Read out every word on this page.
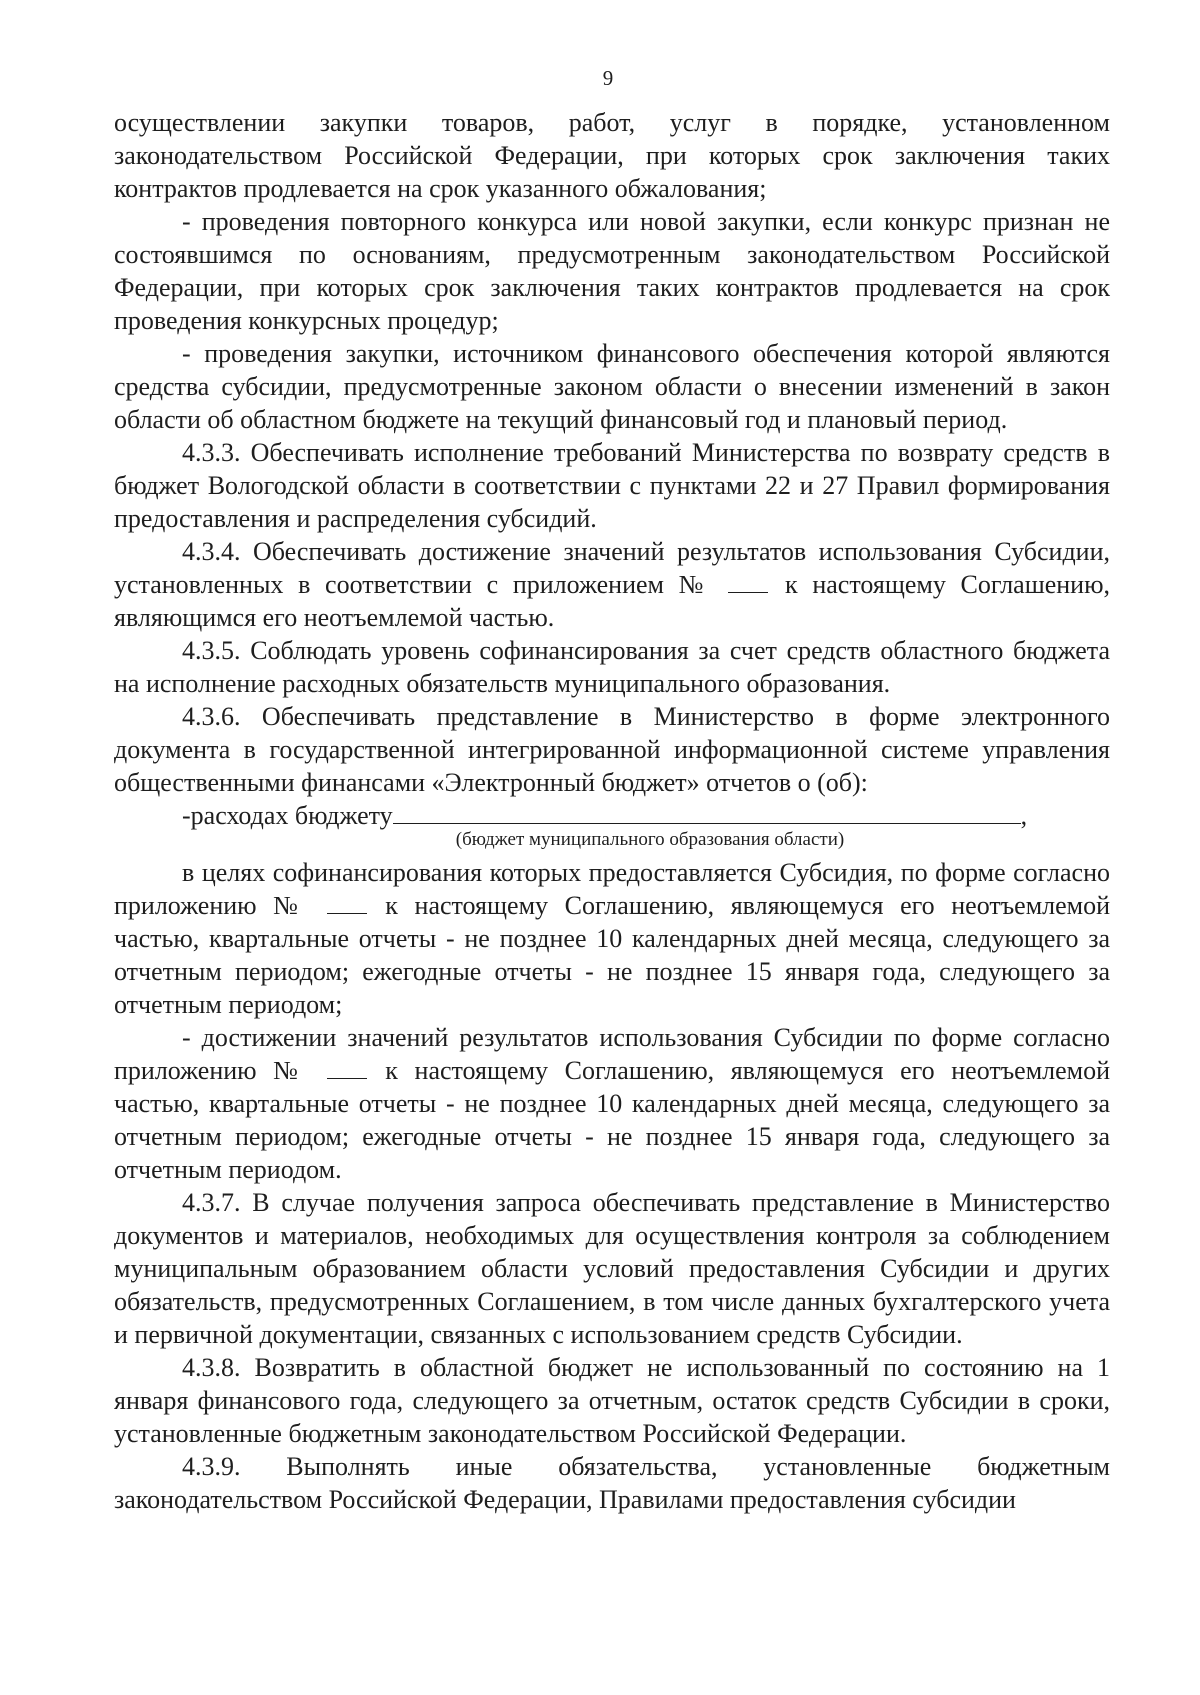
9

осуществлении закупки товаров, работ, услуг в порядке, установленном законодательством Российской Федерации, при которых срок заключения таких контрактов продлевается на срок указанного обжалования;

- проведения повторного конкурса или новой закупки, если конкурс признан не состоявшимся по основаниям, предусмотренным законодательством Российской Федерации, при которых срок заключения таких контрактов продлевается на срок проведения конкурсных процедур;

- проведения закупки, источником финансового обеспечения которой являются средства субсидии, предусмотренные законом области о внесении изменений в закон области об областном бюджете на текущий финансовый год и плановый период.

4.3.3. Обеспечивать исполнение требований Министерства по возврату средств в бюджет Вологодской области в соответствии с пунктами 22 и 27 Правил формирования предоставления и распределения субсидий.

4.3.4. Обеспечивать достижение значений результатов использования Субсидии, установленных в соответствии с приложением №	к настоящему Соглашению, являющимся его неотъемлемой частью.

4.3.5. Соблюдать уровень софинансирования за счет средств областного бюджета на исполнение расходных обязательств муниципального образования.

4.3.6. Обеспечивать представление в Министерство в форме электронного документа в государственной интегрированной информационной системе управления общественными финансами «Электронный бюджет» отчетов о (об):

-расходах бюджету	,
(бюджет муниципального образования области)

в целях софинансирования которых предоставляется Субсидия, по форме согласно приложению №	к настоящему Соглашению, являющемуся его неотъемлемой частью, квартальные отчеты - не позднее 10 календарных дней месяца, следующего за отчетным периодом; ежегодные отчеты - не позднее 15 января года, следующего за отчетным периодом;

- достижении значений результатов использования Субсидии по форме согласно приложению №	к настоящему Соглашению, являющемуся его неотъемлемой частью, квартальные отчеты - не позднее 10 календарных дней месяца, следующего за отчетным периодом; ежегодные отчеты - не позднее 15 января года, следующего за отчетным периодом.

4.3.7. В случае получения запроса обеспечивать представление в Министерство документов и материалов, необходимых для осуществления контроля за соблюдением муниципальным образованием области условий предоставления Субсидии и других обязательств, предусмотренных Соглашением, в том числе данных бухгалтерского учета и первичной документации, связанных с использованием средств Субсидии.

4.3.8. Возвратить в областной бюджет не использованный по состоянию на 1 января финансового года, следующего за отчетным, остаток средств Субсидии в сроки, установленные бюджетным законодательством Российской Федерации.

4.3.9. Выполнять иные обязательства, установленные бюджетным законодательством Российской Федерации, Правилами предоставления субсидии
